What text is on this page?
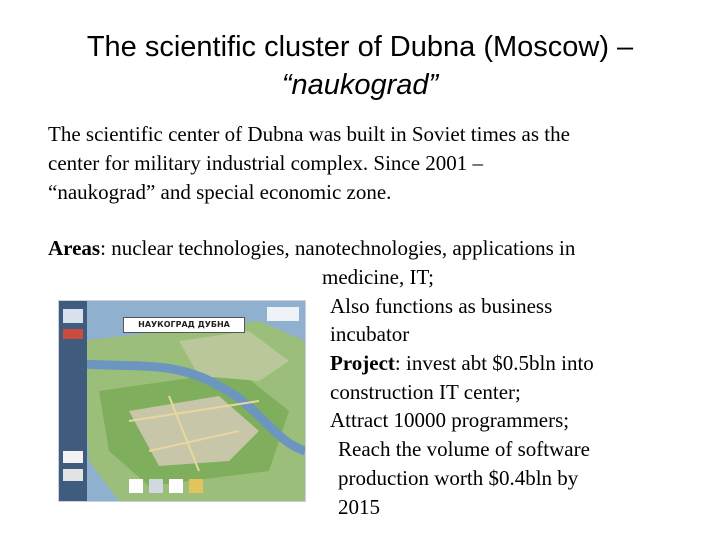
The scientific cluster of Dubna (Moscow) –
“naukograd”
The scientific center of Dubna was built in Soviet times as the
center for military industrial complex. Since 2001 –
“naukograd” and special economic zone.
Areas: nuclear technologies, nanotechnologies, applications in
medicine, IT;
Also functions as business
incubator
Project: invest abt $0.5bln into
construction IT center;
Attract 10000 programmers;
Reach the volume of software
production worth $0.4bln by
2015
НАУКОГРАД ДУБНА
